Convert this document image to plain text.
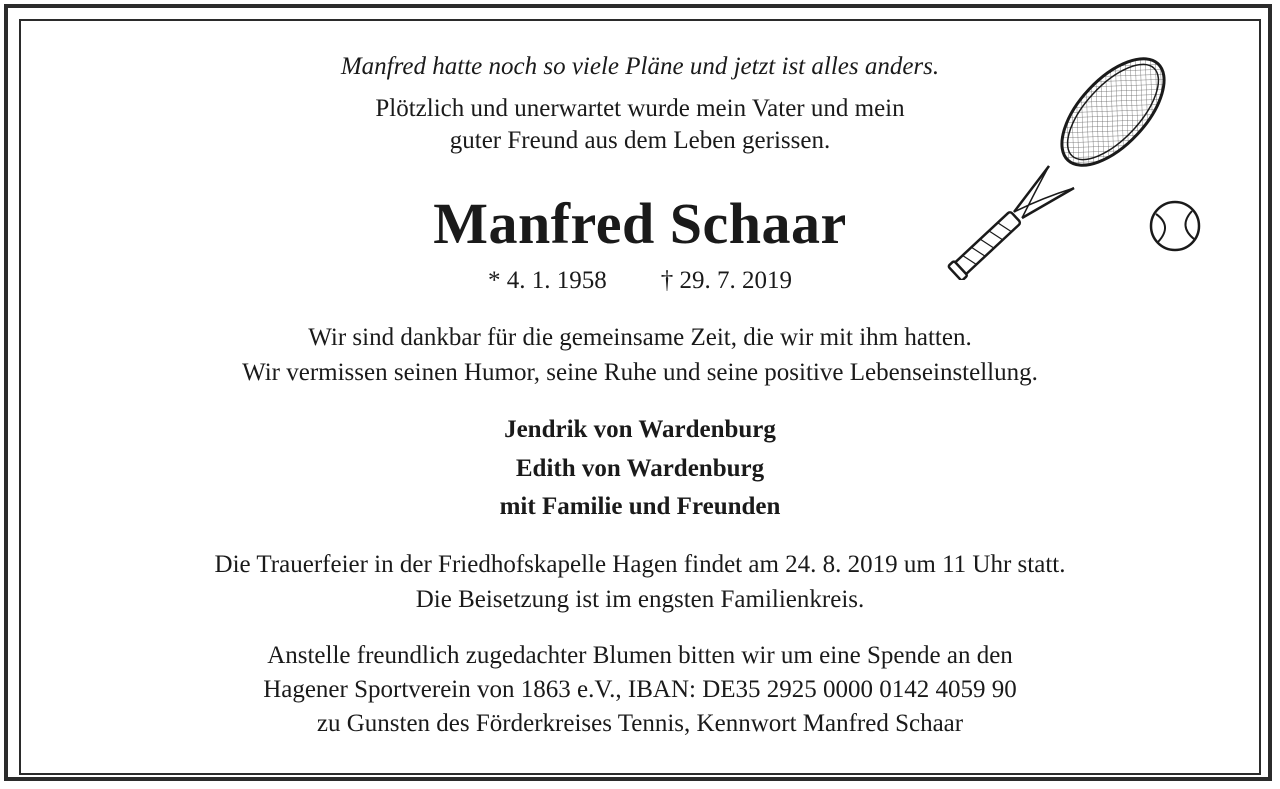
Manfred hatte noch so viele Pläne und jetzt ist alles anders.
Plötzlich und unerwartet wurde mein Vater und mein
guter Freund aus dem Leben gerissen.
Manfred Schaar
* 4. 1. 1958 † 29. 7. 2019
Wir sind dankbar für die gemeinsame Zeit, die wir mit ihm hatten.
Wir vermissen seinen Humor, seine Ruhe und seine positive Lebenseinstellung.
Jendrik von Wardenburg
Edith von Wardenburg
mit Familie und Freunden
Die Trauerfeier in der Friedhofskapelle Hagen findet am 24. 8. 2019 um 11 Uhr statt.
Die Beisetzung ist im engsten Familienkreis.
Anstelle freundlich zugedachter Blumen bitten wir um eine Spende an den
Hagener Sportverein von 1863 e.V., IBAN: DE35 2925 0000 0142 4059 90
zu Gunsten des Förderkreises Tennis, Kennwort Manfred Schaar
